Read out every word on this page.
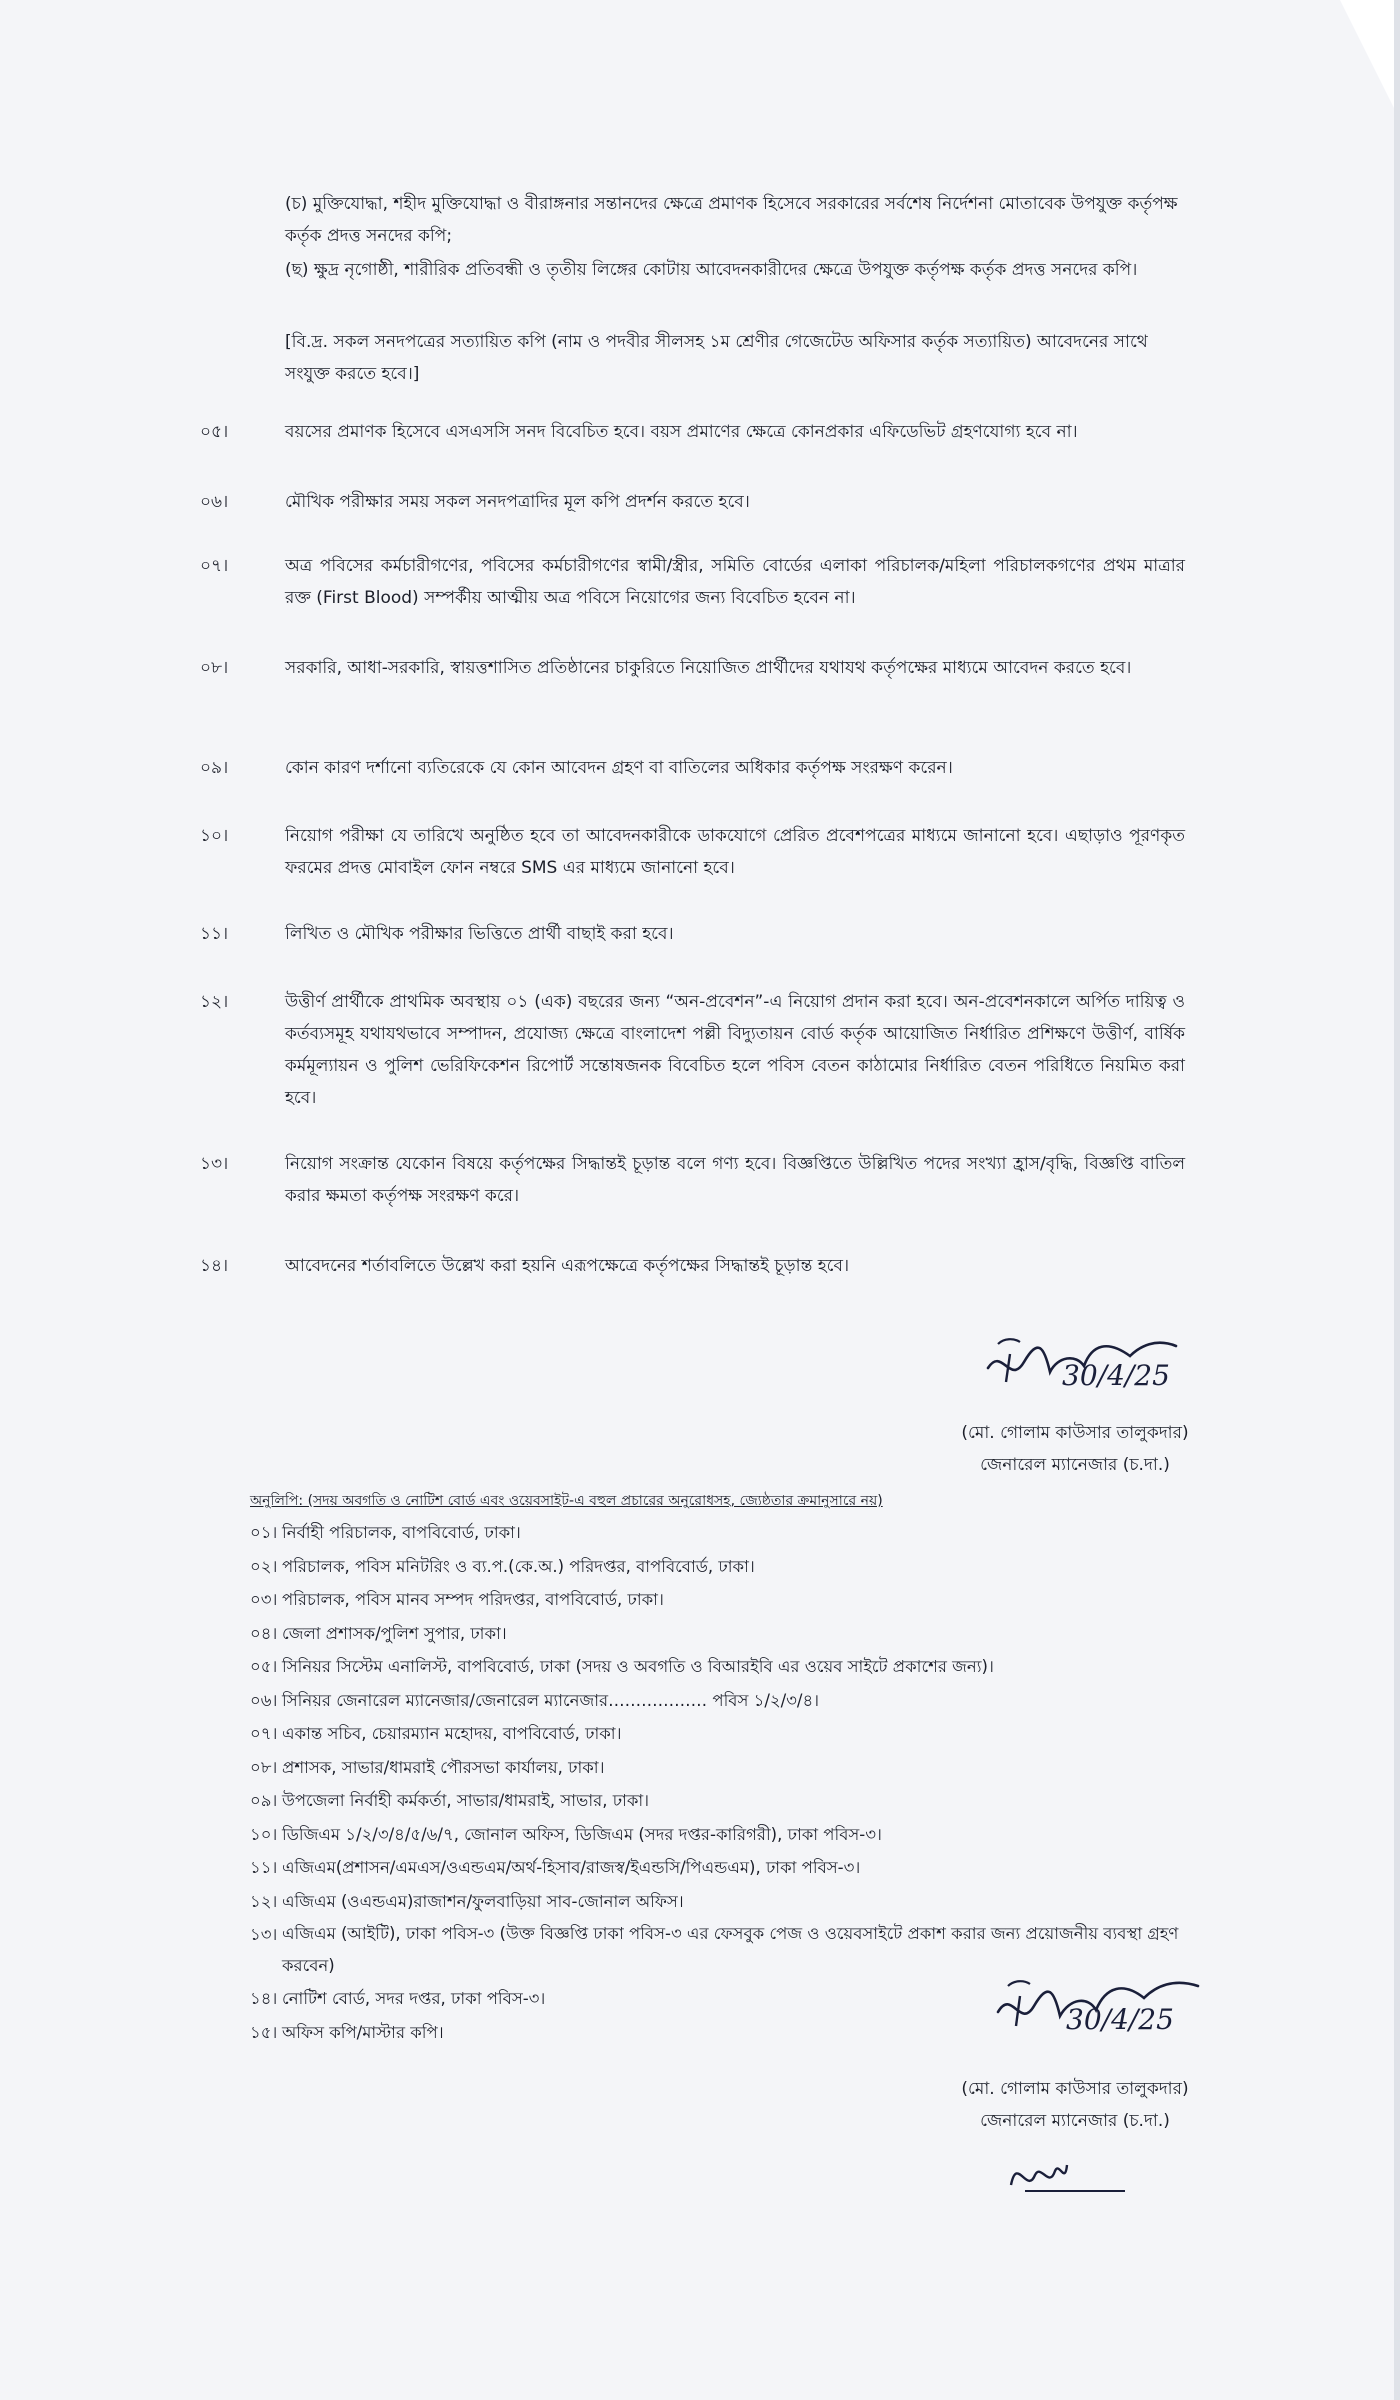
(চ) মুক্তিযোদ্ধা, শহীদ মুক্তিযোদ্ধা ও বীরাঙ্গনার সন্তানদের ক্ষেত্রে প্রমাণক হিসেবে সরকারের সর্বশেষ নির্দেশনা মোতাবেক উপযুক্ত কর্তৃপক্ষ কর্তৃক প্রদত্ত সনদের কপি;
(ছ) ক্ষুদ্র নৃগোষ্ঠী, শারীরিক প্রতিবন্ধী ও তৃতীয় লিঙ্গের কোটায় আবেদনকারীদের ক্ষেত্রে উপযুক্ত কর্তৃপক্ষ কর্তৃক প্রদত্ত সনদের কপি।
[বি.দ্র. সকল সনদপত্রের সত্যায়িত কপি (নাম ও পদবীর সীলসহ ১ম শ্রেণীর গেজেটেড অফিসার কর্তৃক সত্যায়িত) আবেদনের সাথে সংযুক্ত করতে হবে।]
০৫।	বয়সের প্রমাণক হিসেবে এসএসসি সনদ বিবেচিত হবে। বয়স প্রমাণের ক্ষেত্রে কোনপ্রকার এফিডেভিট গ্রহণযোগ্য হবে না।
০৬।	মৌখিক পরীক্ষার সময় সকল সনদপত্রাদির মূল কপি প্রদর্শন করতে হবে।
০৭।	অত্র পবিসের কর্মচারীগণের, পবিসের কর্মচারীগণের স্বামী/স্ত্রীর, সমিতি বোর্ডের এলাকা পরিচালক/মহিলা পরিচালকগণের প্রথম মাত্রার রক্ত (First Blood) সম্পর্কীয় আত্মীয় অত্র পবিসে নিয়োগের জন্য বিবেচিত হবেন না।
০৮।	সরকারি, আধা-সরকারি, স্বায়ত্তশাসিত প্রতিষ্ঠানের চাকুরিতে নিয়োজিত প্রার্থীদের যথাযথ কর্তৃপক্ষের মাধ্যমে আবেদন করতে হবে।
০৯।	কোন কারণ দর্শানো ব্যতিরেকে যে কোন আবেদন গ্রহণ বা বাতিলের অধিকার কর্তৃপক্ষ সংরক্ষণ করেন।
১০।	নিয়োগ পরীক্ষা যে তারিখে অনুষ্ঠিত হবে তা আবেদনকারীকে ডাকযোগে প্রেরিত প্রবেশপত্রের মাধ্যমে জানানো হবে। এছাড়াও পূরণকৃত ফরমের প্রদত্ত মোবাইল ফোন নম্বরে SMS এর মাধ্যমে জানানো হবে।
১১।	লিখিত ও মৌখিক পরীক্ষার ভিত্তিতে প্রার্থী বাছাই করা হবে।
১২।	উত্তীর্ণ প্রার্থীকে প্রাথমিক অবস্থায় ০১ (এক) বছরের জন্য “অন-প্রবেশন”-এ নিয়োগ প্রদান করা হবে। অন-প্রবেশনকালে অর্পিত দায়িত্ব ও কর্তব্যসমূহ যথাযথভাবে সম্পাদন, প্রযোজ্য ক্ষেত্রে বাংলাদেশ পল্লী বিদ্যুতায়ন বোর্ড কর্তৃক আয়োজিত নির্ধারিত প্রশিক্ষণে উত্তীর্ণ, বার্ষিক কর্মমূল্যায়ন ও পুলিশ ভেরিফিকেশন রিপোর্ট সন্তোষজনক বিবেচিত হলে পবিস বেতন কাঠামোর নির্ধারিত বেতন পরিধিতে নিয়মিত করা হবে।
১৩।	নিয়োগ সংক্রান্ত যেকোন বিষয়ে কর্তৃপক্ষের সিদ্ধান্তই চূড়ান্ত বলে গণ্য হবে। বিজ্ঞপ্তিতে উল্লিখিত পদের সংখ্যা হ্রাস/বৃদ্ধি, বিজ্ঞপ্তি বাতিল করার ক্ষমতা কর্তৃপক্ষ সংরক্ষণ করে।
১৪।	আবেদনের শর্তাবলিতে উল্লেখ করা হয়নি এরূপক্ষেত্রে কর্তৃপক্ষের সিদ্ধান্তই চূড়ান্ত হবে।
30/4/25
(মো. গোলাম কাউসার তালুকদার)
জেনারেল ম্যানেজার (চ.দা.)
অনুলিপি: (সদয় অবগতি ও নোটিশ বোর্ড এবং ওয়েবসাইট-এ বহুল প্রচারের অনুরোধসহ, জ্যেষ্ঠতার ক্রমানুসারে নয়)
০১। নির্বাহী পরিচালক, বাপবিবোর্ড, ঢাকা।
০২। পরিচালক, পবিস মনিটরিং ও ব্য.প.(কে.অ.) পরিদপ্তর, বাপবিবোর্ড, ঢাকা।
০৩। পরিচালক, পবিস মানব সম্পদ পরিদপ্তর, বাপবিবোর্ড, ঢাকা।
০৪। জেলা প্রশাসক/পুলিশ সুপার, ঢাকা।
০৫। সিনিয়র সিস্টেম এনালিস্ট, বাপবিবোর্ড, ঢাকা (সদয় ও অবগতি ও বিআরইবি এর ওয়েব সাইটে প্রকাশের জন্য)।
০৬। সিনিয়র জেনারেল ম্যানেজার/জেনারেল ম্যানেজার……………… পবিস ১/২/৩/৪।
০৭। একান্ত সচিব, চেয়ারম্যান মহোদয়, বাপবিবোর্ড, ঢাকা।
০৮। প্রশাসক, সাভার/ধামরাই পৌরসভা কার্যালয়, ঢাকা।
০৯। উপজেলা নির্বাহী কর্মকর্তা, সাভার/ধামরাই, সাভার, ঢাকা।
১০। ডিজিএম ১/২/৩/৪/৫/৬/৭, জোনাল অফিস, ডিজিএম (সদর দপ্তর-কারিগরী), ঢাকা পবিস-৩।
১১। এজিএম(প্রশাসন/এমএস/ওএন্ডএম/অর্থ-হিসাব/রাজস্ব/ইএন্ডসি/পিএন্ডএম), ঢাকা পবিস-৩।
১২। এজিএম (ওএন্ডএম)রাজাশন/ফুলবাড়িয়া সাব-জোনাল অফিস।
১৩। এজিএম (আইটি), ঢাকা পবিস-৩ (উক্ত বিজ্ঞপ্তি ঢাকা পবিস-৩ এর ফেসবুক পেজ ও ওয়েবসাইটে প্রকাশ করার জন্য প্রয়োজনীয় ব্যবস্থা গ্রহণ করবেন)
১৪। নোটিশ বোর্ড, সদর দপ্তর, ঢাকা পবিস-৩।
১৫। অফিস কপি/মাস্টার কপি।	30/4/25
(মো. গোলাম কাউসার তালুকদার)
জেনারেল ম্যানেজার (চ.দা.)
